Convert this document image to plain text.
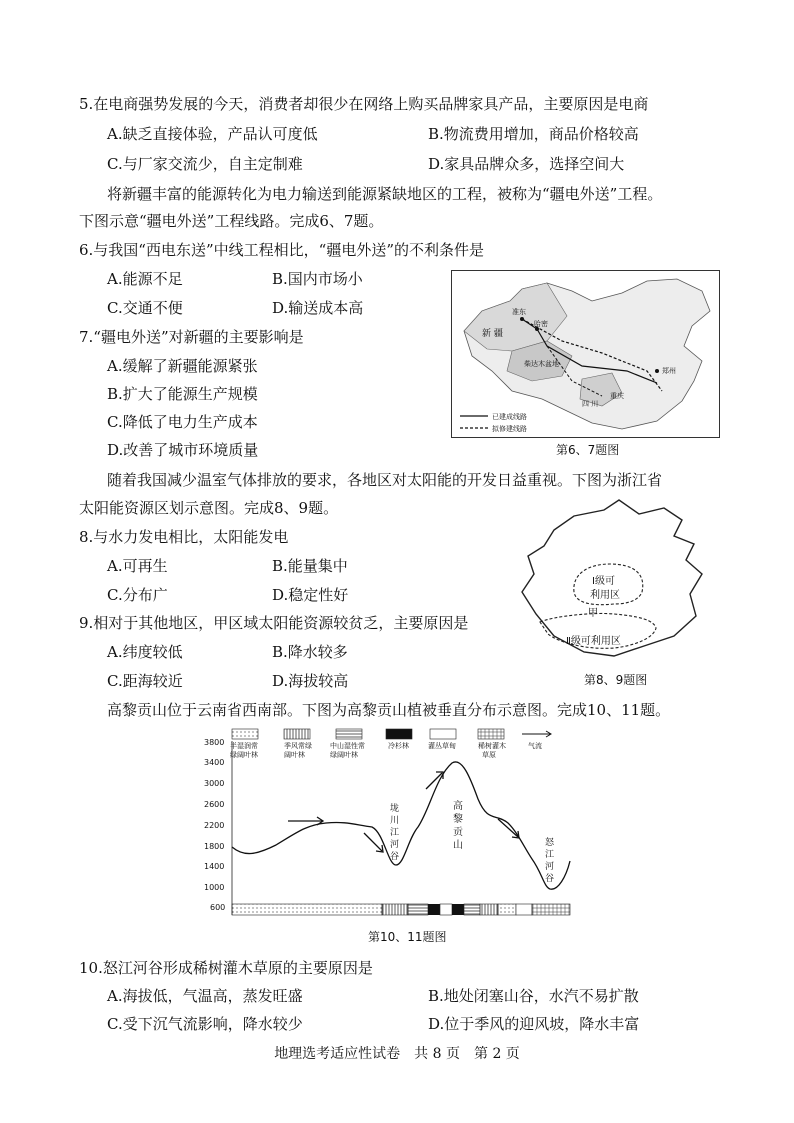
5.在电商强势发展的今天，消费者却很少在网络上购买品牌家具产品，主要原因是电商
A.缺乏直接体验，产品认可度低	B.物流费用增加，商品价格较高
C.与厂家交流少，自主定制难	D.家具品牌众多，选择空间大
将新疆丰富的能源转化为电力输送到能源紧缺地区的工程，被称为“疆电外送”工程。
下图示意“疆电外送”工程线路。完成6、7题。
6.与我国“西电东送”中线工程相比，“疆电外送”的不利条件是
A.能源不足	B.国内市场小
C.交通不便	D.输送成本高
7.“疆电外送”对新疆的主要影响是
A.缓解了新疆能源紧张
B.扩大了能源生产规模
C.降低了电力生产成本
D.改善了城市环境质量
新 疆
准东
哈密
柴达木盆地
郑州
四 川
重庆
已建成线路
拟修建线路
第6、7题图
随着我国减少温室气体排放的要求，各地区对太阳能的开发日益重视。下图为浙江省
太阳能资源区划示意图。完成8、9题。
8.与水力发电相比，太阳能发电
A.可再生	B.能量集中
C.分布广	D.稳定性好
9.相对于其他地区，甲区域太阳能资源较贫乏，主要原因是
A.纬度较低	B.降水较多
C.距海较近	D.海拔较高
Ⅰ级可
利用区
甲
Ⅱ级可利用区
第8、9题图
高黎贡山位于云南省西南部。下图为高黎贡山植被垂直分布示意图。完成10、11题。
半湿润常
绿阔叶林
季风常绿
阔叶林
中山湿性常
绿阔叶林
冷杉林	灌丛草甸	稀树灌木
草原
气流
3800
3400
3000
2600
2200
1800
1400
1000
600
垅
川
江
河
谷
高
黎
贡
山	怒
江
河
谷
第10、11题图
10.怒江河谷形成稀树灌木草原的主要原因是
A.海拔低，气温高，蒸发旺盛	B.地处闭塞山谷，水汽不易扩散
C.受下沉气流影响，降水较少	D.位于季风的迎风坡，降水丰富
地理选考适应性试卷　共 8 页　第 2 页
